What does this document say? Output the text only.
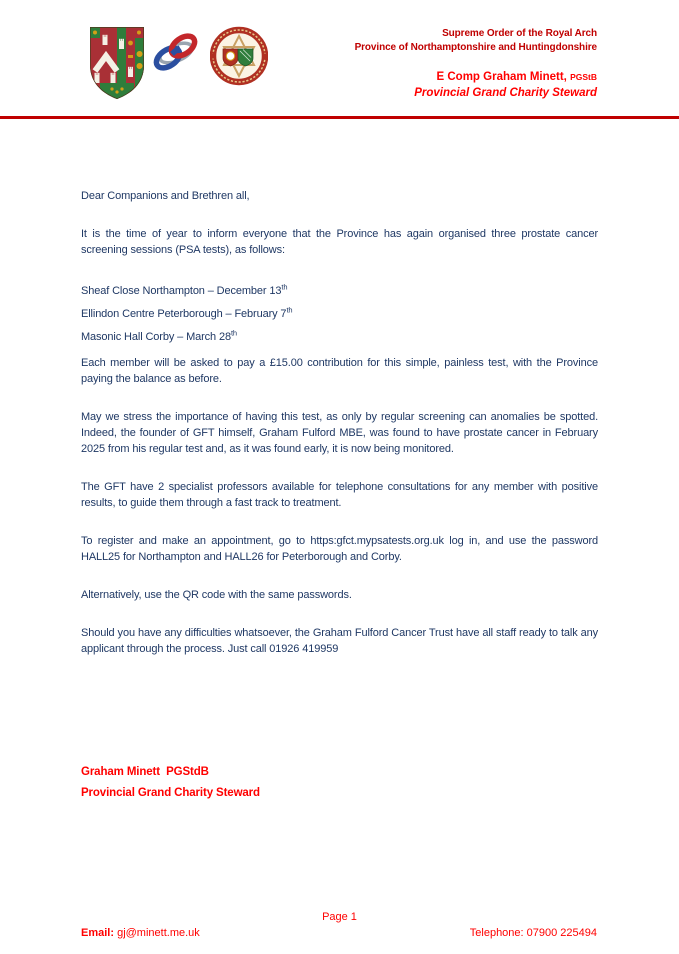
Supreme Order of the Royal Arch
Province of Northamptonshire and Huntingdonshire
E Comp Graham Minett, PGStB
Provincial Grand Charity Steward

Dear Companions and Brethren all,

It is the time of year to inform everyone that the Province has again organised three prostate cancer screening sessions (PSA tests), as follows:

Sheaf Close Northampton – December 13th
Ellindon Centre Peterborough – February 7th
Masonic Hall Corby – March 28th

Each member will be asked to pay a £15.00 contribution for this simple, painless test, with the Province paying the balance as before.

May we stress the importance of having this test, as only by regular screening can anomalies be spotted. Indeed, the founder of GFT himself, Graham Fulford MBE, was found to have prostate cancer in February 2025 from his regular test and, as it was found early, it is now being monitored.

The GFT have 2 specialist professors available for telephone consultations for any member with positive results, to guide them through a fast track to treatment.

To register and make an appointment, go to https:gfct.mypsatests.org.uk log in, and use the password HALL25 for Northampton and HALL26 for Peterborough and Corby.

Alternatively, use the QR code with the same passwords.

Should you have any difficulties whatsoever, the Graham Fulford Cancer Trust have all staff ready to talk any applicant through the process. Just call 01926 419959

Graham Minett  PGStdB
Provincial Grand Charity Steward
Page 1
Email: gj@minett.me.uk	Telephone: 07900 225494
